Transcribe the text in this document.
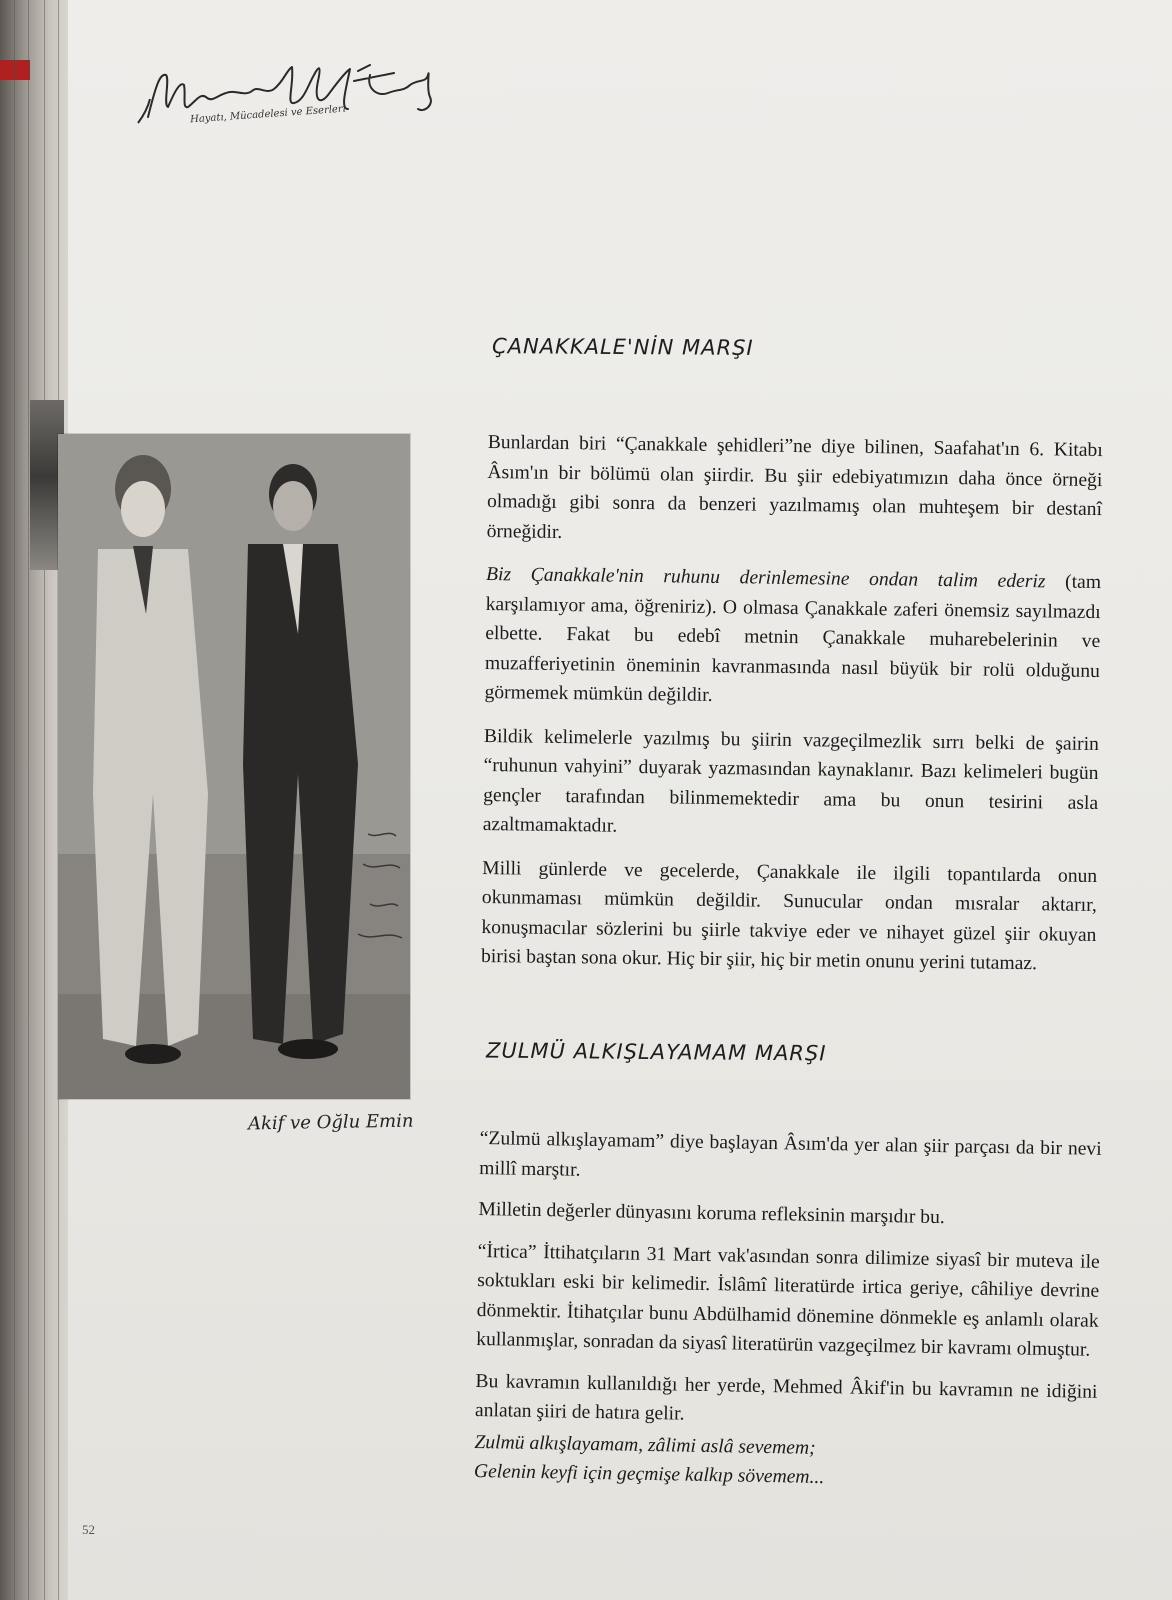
Hayatı, Mücadelesi ve Eserleri
Akif ve Oğlu Emin
ÇANAKKALE'NİN MARŞI

Bunlardan biri “Çanakkale şehidleri”ne diye bilinen, Saafahat'ın 6. Kitabı Âsım'ın bir bölümü olan şiirdir. Bu şiir edebiyatımızın daha önce örneği olmadığı gibi sonra da benzeri yazılmamış olan muhteşem bir destanî örneğidir.

Biz Çanakkale'nin ruhunu derinlemesine ondan talim ederiz (tam karşılamıyor ama, öğreniriz). O olmasa Çanakkale zaferi önemsiz sayılmazdı elbette. Fakat bu edebî metnin Çanakkale muharebelerinin ve muzafferiyetinin öneminin kavranmasında nasıl büyük bir rolü olduğunu görmemek mümkün değildir.

Bildik kelimelerle yazılmış bu şiirin vazgeçilmezlik sırrı belki de şairin “ruhunun vahyini” duyarak yazmasından kaynaklanır. Bazı kelimeleri bugün gençler tarafından bilinmemektedir ama bu onun tesirini asla azaltmamaktadır.

Milli günlerde ve gecelerde, Çanakkale ile ilgili topantılarda onun okunmaması mümkün değildir. Sunucular ondan mısralar aktarır, konuşmacılar sözlerini bu şiirle takviye eder ve nihayet güzel şiir okuyan birisi baştan sona okur. Hiç bir şiir, hiç bir metin onunu yerini tutamaz.

ZULMÜ ALKIŞLAYAMAM MARŞI

“Zulmü alkışlayamam” diye başlayan Âsım'da yer alan şiir parçası da bir nevi millî marştır.

Milletin değerler dünyasını koruma refleksinin marşıdır bu.

“İrtica” İttihatçıların 31 Mart vak'asından sonra dilimize siyasî bir muteva ile soktukları eski bir kelimedir. İslâmî literatürde irtica geriye, câhiliye devrine dönmektir. İtihatçılar bunu Abdülhamid dönemine dönmekle eş anlamlı olarak kullanmışlar, sonradan da siyasî literatürün vazgeçilmez bir kavramı olmuştur.

Bu kavramın kullanıldığı her yerde, Mehmed Âkif'in bu kavramın ne idiğini anlatan şiiri de hatıra gelir.

Zulmü alkışlayamam, zâlimi aslâ sevemem;
Gelenin keyfi için geçmişe kalkıp sövemem...
52
